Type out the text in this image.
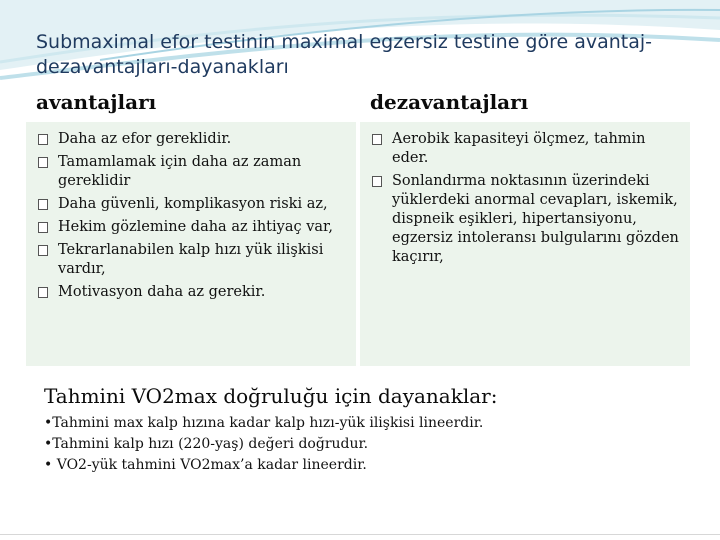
Submaximal efor testinin maximal egzersiz testine göre avantaj-dezavantajları-dayanakları
avantajları	dezavantajları
Daha az efor gereklidir.
Tamamlamak için daha az zaman gereklidir
Daha güvenli, komplikasyon riski az,
Hekim gözlemine daha az ihtiyaç var,
Tekrarlanabilen kalp hızı yük ilişkisi vardır,
Motivasyon daha az gerekir.
Aerobik kapasiteyi ölçmez, tahmin eder.
Sonlandırma noktasının üzerindeki yüklerdeki anormal cevapları, iskemik, dispneik eşikleri, hipertansiyonu, egzersiz intoleransı bulgularını gözden kaçırır,
Tahmini VO2max doğruluğu için dayanaklar:
•Tahmini max kalp hızına kadar kalp hızı-yük ilişkisi lineerdir.
•Tahmini kalp hızı (220-yaş) değeri doğrudur.
• VO2-yük tahmini VO2max’a kadar lineerdir.
